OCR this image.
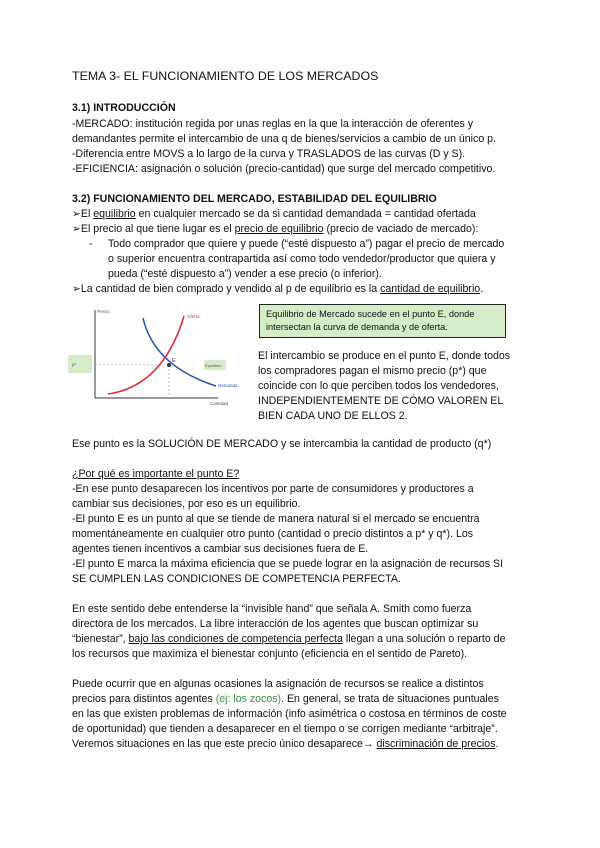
TEMA 3- EL FUNCIONAMIENTO DE LOS MERCADOS
3.1) INTRODUCCIÓN
-MERCADO: institución regida por unas reglas en la que la interacción de oferentes y
demandantes permite el intercambio de una q de bienes/servicios a cambio de un único p.
-Diferencia entre MOVS a lo largo de la curva y TRASLADOS de las curvas (D y S).
-EFICIENCIA: asignación o solución (precio-cantidad) que surge del mercado competitivo.
3.2) FUNCIONAMIENTO DEL MERCADO, ESTABILIDAD DEL EQUILIBRIO
➢El equilibrio en cualquier mercado se da si cantidad demandada = cantidad ofertada
➢El precio al que tiene lugar es el precio de equilibrio (precio de vaciado de mercado):
- Todo comprador que quiere y puede (“esté dispuesto a”) pagar el precio de mercado
o superior encuentra contrapartida así como todo vendedor/productor que quiera y
pueda (“esté dispuesto a”) vender a ese precio (o inferior).
➢La cantidad de bien comprado y vendido al p de equilibrio es la cantidad de equilibrio.
Precio
Cantidad
p*	Equilibrio
Oferta
Demanda
E
Equilibrio de Mercado sucede en el punto E, donde
intersectan la curva de demanda y de oferta.
El intercambio se produce en el punto E, donde todos
los compradores pagan el mismo precio (p*) que
coincide con lo que perciben todos los vendedores,
INDEPENDIENTEMENTE DE CÓMO VALOREN EL
BIEN CADA UNO DE ELLOS 2.
Ese punto es la SOLUCIÓN DE MERCADO y se intercambia la cantidad de producto (q*)
¿Por qué es importante el punto E?
-En ese punto desaparecen los incentivos por parte de consumidores y productores a
cambiar sus decisiones, por eso es un equilibrio.
-El punto E es un punto al que se tiende de manera natural si el mercado se encuentra
momentáneamente en cualquier otro punto (cantidad o precio distintos a p* y q*). Los
agentes tienen incentivos a cambiar sus decisiones fuera de E.
-El punto E marca la máxima eficiencia que se puede lograr en la asignación de recursos SI
SE CUMPLEN LAS CONDICIONES DE COMPETENCIA PERFECTA.
En este sentido debe entenderse la “invisible hand” que señala A. Smith como fuerza
directora de los mercados. La libre interacción de los agentes que buscan optimizar su
“bienestar”, bajo las condiciones de competencia perfecta llegan a una solución o reparto de
los recursos que maximiza el bienestar conjunto (eficiencia en el sentido de Pareto).
Puede ocurrir que en algunas ocasiones la asignación de recursos se realice a distintos
precios para distintos agentes (ej: los zocos). En general, se trata de situaciones puntuales
en las que existen problemas de información (info asimétrica o costosa en términos de coste
de oportunidad) que tienden a desaparecer en el tiempo o se corrigen mediante “arbitraje”.
Veremos situaciones en las que este precio único desaparece→ discriminación de precios.
